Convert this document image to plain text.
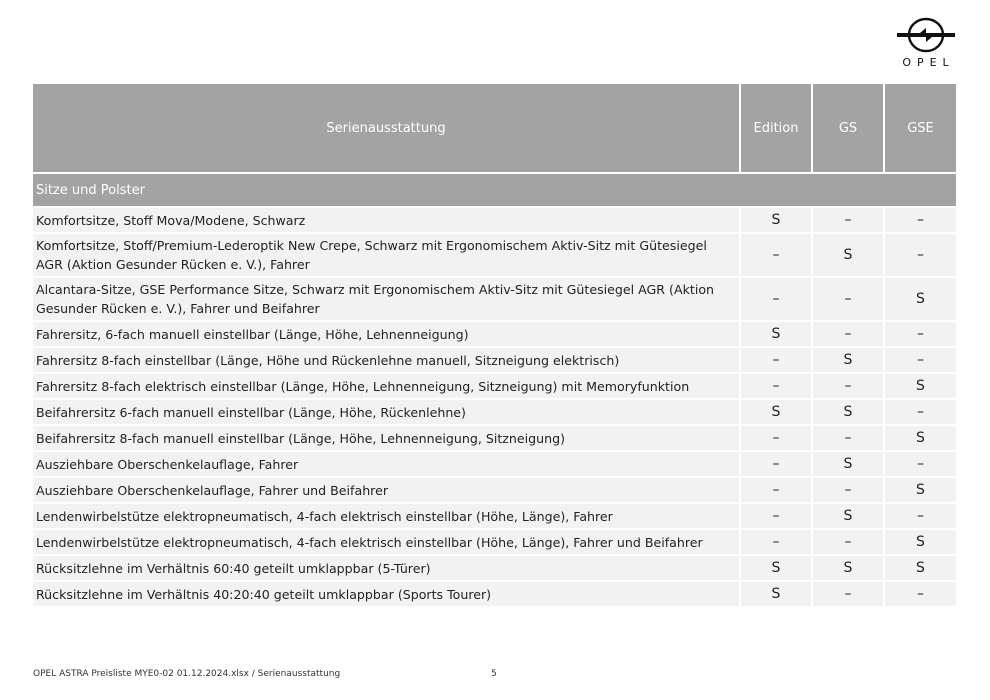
OPEL
Serienausstattung	Edition	GS	GSE
Sitze und Polster			
Komfortsitze, Stoff Mova/Modene, Schwarz	S	–	–
Komfortsitze, Stoff/Premium-Lederoptik New Crepe, Schwarz mit Ergonomischem Aktiv-Sitz mit Gütesiegel AGR (Aktion Gesunder Rücken e. V.), Fahrer	–	S	–
Alcantara-Sitze, GSE Performance Sitze, Schwarz mit Ergonomischem Aktiv-Sitz mit Gütesiegel AGR (Aktion Gesunder Rücken e. V.), Fahrer und Beifahrer	–	–	S
Fahrersitz, 6-fach manuell einstellbar (Länge, Höhe, Lehnenneigung)	S	–	–
Fahrersitz 8-fach einstellbar (Länge, Höhe und Rückenlehne manuell, Sitzneigung elektrisch)	–	S	–
Fahrersitz 8-fach elektrisch einstellbar (Länge, Höhe, Lehnenneigung, Sitzneigung) mit Memoryfunktion	–	–	S
Beifahrersitz 6-fach manuell einstellbar (Länge, Höhe, Rückenlehne)	S	S	–
Beifahrersitz 8-fach manuell einstellbar (Länge, Höhe, Lehnenneigung, Sitzneigung)	–	–	S
Ausziehbare Oberschenkelauflage, Fahrer	–	S	–
Ausziehbare Oberschenkelauflage, Fahrer und Beifahrer	–	–	S
Lendenwirbelstütze elektropneumatisch, 4-fach elektrisch einstellbar (Höhe, Länge), Fahrer	–	S	–
Lendenwirbelstütze elektropneumatisch, 4-fach elektrisch einstellbar (Höhe, Länge), Fahrer und Beifahrer	–	–	S
Rücksitzlehne im Verhältnis 60:40 geteilt umklappbar (5-Türer)	S	S	S
Rücksitzlehne im Verhältnis 40:20:40 geteilt umklappbar (Sports Tourer)	S	–	–
OPEL ASTRA Preisliste MYE0-02 01.12.2024.xlsx / Serienausstattung	5
